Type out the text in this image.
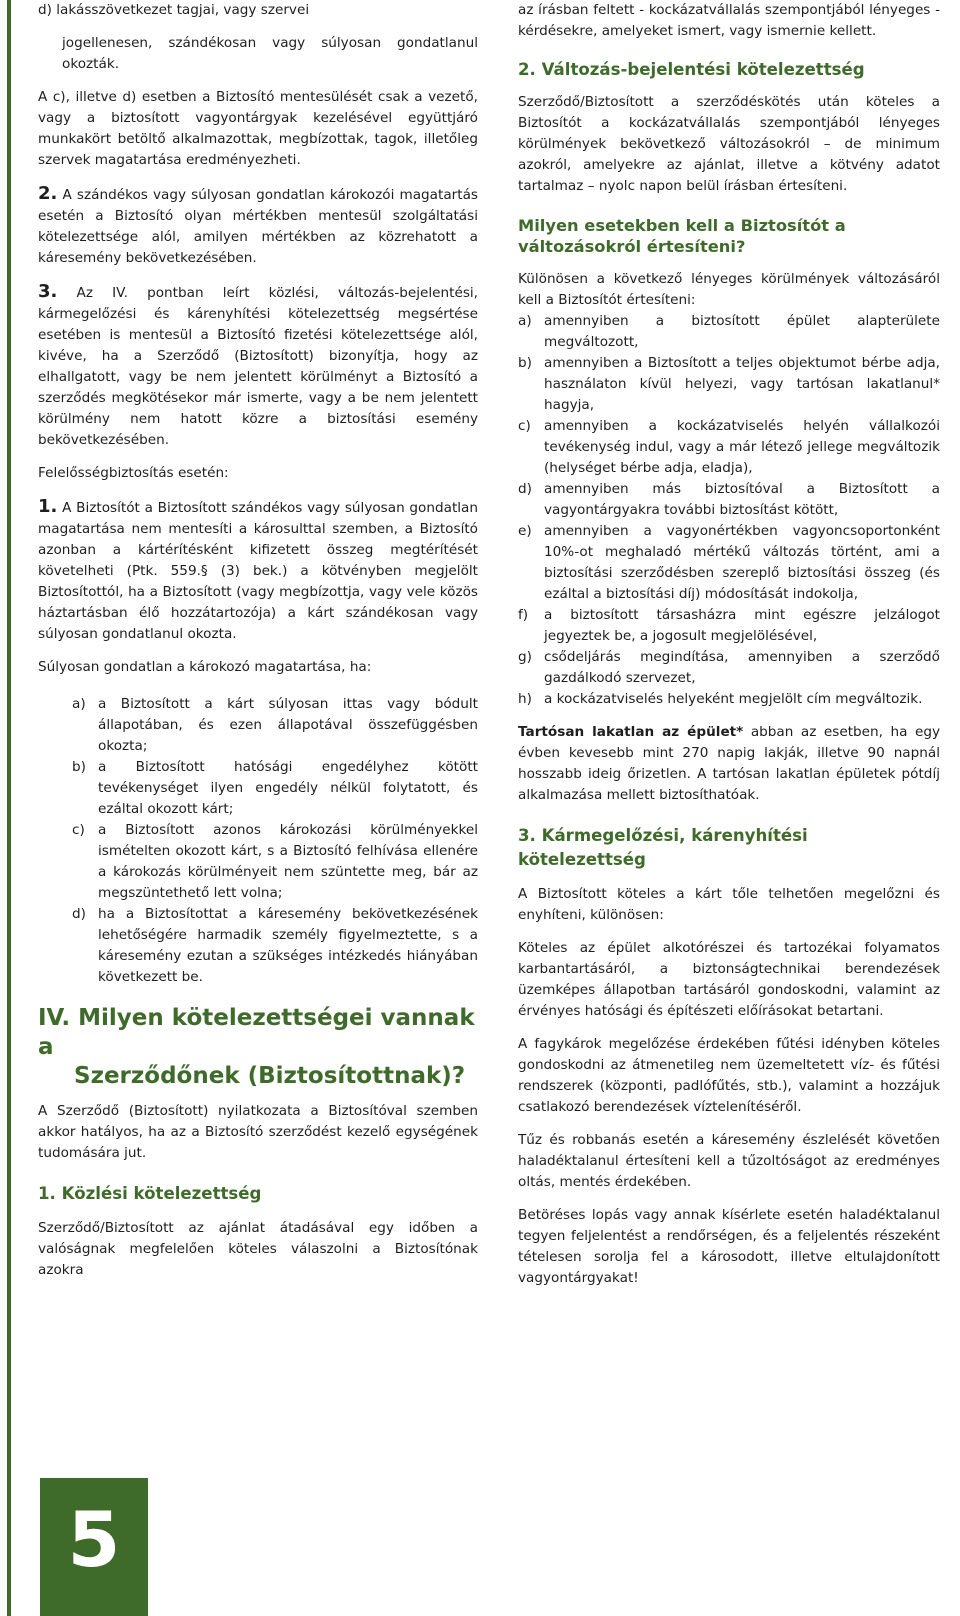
d) lakásszövetkezet tagjai, vagy szervei

jogellenesen, szándékosan vagy súlyosan gondatlanul okozták.

A c), illetve d) esetben a Biztosító mentesülését csak a vezető, vagy a biztosított vagyontárgyak kezelésével együttjáró munkakört betöltő alkalmazottak, megbízottak, tagok, illetőleg szervek magatartása eredményezheti.

2. A szándékos vagy súlyosan gondatlan károkozói magatartás esetén a Biztosító olyan mértékben mentesül szolgáltatási kötelezettsége alól, amilyen mértékben az közrehatott a káresemény bekövetkezésében.

3. Az IV. pontban leírt közlési, változás-bejelentési, kármegelőzési és kárenyhítési kötelezettség megsértése esetében is mentesül a Biztosító fizetési kötelezettsége alól, kivéve, ha a Szerződő (Biztosított) bizonyítja, hogy az elhallgatott, vagy be nem jelentett körülményt a Biztosító a szerződés megkötésekor már ismerte, vagy a be nem jelentett körülmény nem hatott közre a biztosítási esemény bekövetkezésében.

Felelősségbiztosítás esetén:

1. A Biztosítót a Biztosított szándékos vagy súlyosan gondatlan magatartása nem mentesíti a károsulttal szemben, a Biztosító azonban a kártérítésként kifizetett összeg megtérítését követelheti (Ptk. 559.§ (3) bek.) a kötvényben megjelölt Biztosítottól, ha a Biztosított (vagy megbízottja, vagy vele közös háztartásban élő hozzátartozója) a kárt szándékosan vagy súlyosan gondatlanul okozta.

Súlyosan gondatlan a károkozó magatartása, ha:

a) a Biztosított a kárt súlyosan ittas vagy bódult állapotában, és ezen állapotával összefüggésben okozta;
b) a Biztosított hatósági engedélyhez kötött tevékenységet ilyen engedély nélkül folytatott, és ezáltal okozott kárt;
c) a Biztosított azonos károkozási körülményekkel ismételten okozott kárt, s a Biztosító felhívása ellenére a károkozás körülményeit nem szüntette meg, bár az megszüntethető lett volna;
d) ha a Biztosítottat a káresemény bekövetkezésének lehetőségére harmadik személy figyelmeztette, s a káresemény ezutan a szükséges intézkedés hiányában következett be.
IV. Milyen kötelezettségei vannak a
Szerződőnek (Biztosítottnak)?

A Szerződő (Biztosított) nyilatkozata a Biztosítóval szemben akkor hatályos, ha az a Biztosító szerződést kezelő egységének tudomására jut.

1. Közlési kötelezettség

Szerződő/Biztosított az ajánlat átadásával egy időben a valóságnak megfelelően köteles válaszolni a Biztosítónak azokra

az írásban feltett - kockázatvállalás szempontjából lényeges - kérdésekre, amelyeket ismert, vagy ismernie kellett.

2. Változás-bejelentési kötelezettség

Szerződő/Biztosított a szerződéskötés után köteles a Biztosítót a kockázatvállalás szempontjából lényeges körülmények bekövetkező változásokról – de minimum azokról, amelyekre az ajánlat, illetve a kötvény adatot tartalmaz – nyolc napon belül írásban értesíteni.

Milyen esetekben kell a Biztosítót a változásokról értesíteni?

Különösen a következő lényeges körülmények változásáról kell a Biztosítót értesíteni:

a) amennyiben a biztosított épület alapterülete megváltozott,
b) amennyiben a Biztosított a teljes objektumot bérbe adja, használaton kívül helyezi, vagy tartósan lakatlanul* hagyja,
c) amennyiben a kockázatviselés helyén vállalkozói tevékenység indul, vagy a már létező jellege megváltozik (helységet bérbe adja, eladja),
d) amennyiben más biztosítóval a Biztosított a vagyontárgyakra további biztosítást kötött,
e) amennyiben a vagyonértékben vagyoncsoportonként 10%-ot meghaladó mértékű változás történt, ami a biztosítási szerződésben szereplő biztosítási összeg (és ezáltal a biztosítási díj) módosítását indokolja,
f) a biztosított társasházra mint egészre jelzálogot jegyeztek be, a jogosult megjelölésével,
g) csődeljárás megindítása, amennyiben a szerződő gazdálkodó szervezet,
h) a kockázatviselés helyeként megjelölt cím megváltozik.

Tartósan lakatlan az épület* abban az esetben, ha egy évben kevesebb mint 270 napig lakják, illetve 90 napnál hosszabb ideig őrizetlen. A tartósan lakatlan épületek pótdíj alkalmazása mellett biztosíthatóak.

3. Kármegelőzési, kárenyhítési kötelezettség

A Biztosított köteles a kárt tőle telhetően megelőzni és enyhíteni, különösen:

Köteles az épület alkotórészei és tartozékai folyamatos karbantartásáról, a biztonságtechnikai berendezések üzemképes állapotban tartásáról gondoskodni, valamint az érvényes hatósági és építészeti előírásokat betartani.

A fagykárok megelőzése érdekében fűtési idényben köteles gondoskodni az átmenetileg nem üzemeltetett víz- és fűtési rendszerek (központi, padlófűtés, stb.), valamint a hozzájuk csatlakozó berendezések víztelenítéséről.

Tűz és robbanás esetén a káresemény észlelését követően haladéktalanul értesíteni kell a tűzoltóságot az eredményes oltás, mentés érdekében.

Betöréses lopás vagy annak kísérlete esetén haladéktalanul tegyen feljelentést a rendőrségen, és a feljelentés részeként tételesen sorolja fel a károsodott, illetve eltulajdonított vagyontárgyakat!

5
